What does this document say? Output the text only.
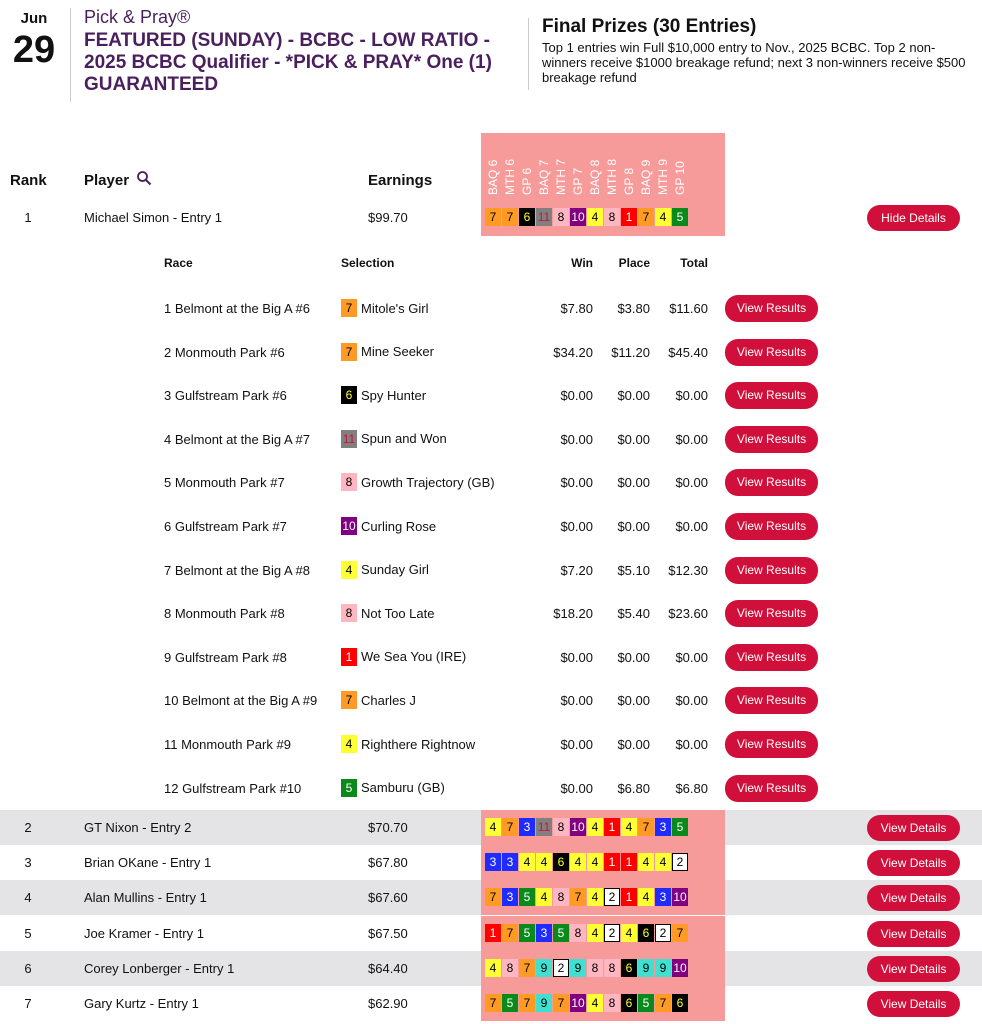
Jun
29
Pick & Pray®
FEATURED (SUNDAY) - BCBC - LOW RATIO - 2025 BCBC Qualifier - *PICK & PRAY* One (1) GUARANTEED
Final Prizes (30 Entries)
Top 1 entries win Full $10,000 entry to Nov., 2025 BCBC. Top 2 non-winners receive $1000 breakage refund; next 3 non-winners receive $500 breakage refund
BAQ 6 MTH 6 GP 6 BAQ 7 MTH 7 GP 7 BAQ 8 MTH 8 GP 8 BAQ 9 MTH 9 GP 10
Rank Player	Earnings
1	Michael Simon - Entry 1	$99.70	7 7 6 11 8 10 4 8 1 7 4 5	Hide Details
Race	Selection	Win	Place	Total
1 Belmont at the Big A #6	7 Mitole's Girl	$7.80	$3.80	$11.60	View Results
2 Monmouth Park #6	7 Mine Seeker	$34.20	$11.20	$45.40	View Results
3 Gulfstream Park #6	6 Spy Hunter	$0.00	$0.00	$0.00	View Results
4 Belmont at the Big A #7	11 Spun and Won	$0.00	$0.00	$0.00	View Results
5 Monmouth Park #7	8 Growth Trajectory (GB)	$0.00	$0.00	$0.00	View Results
6 Gulfstream Park #7	10 Curling Rose	$0.00	$0.00	$0.00	View Results
7 Belmont at the Big A #8	4 Sunday Girl	$7.20	$5.10	$12.30	View Results
8 Monmouth Park #8	8 Not Too Late	$18.20	$5.40	$23.60	View Results
9 Gulfstream Park #8	1 We Sea You (IRE)	$0.00	$0.00	$0.00	View Results
10 Belmont at the Big A #9	7 Charles J	$0.00	$0.00	$0.00	View Results
11 Monmouth Park #9	4 Righthere Rightnow	$0.00	$0.00	$0.00	View Results
12 Gulfstream Park #10	5 Samburu (GB)	$0.00	$6.80	$6.80	View Results
2	GT Nixon - Entry 2	$70.70	4 7 3 11 8 10 4 1 4 7 3 5	View Details
3	Brian OKane - Entry 1	$67.80	3 3 4 4 6 4 4 1 1 4 4 2	View Details
4	Alan Mullins - Entry 1	$67.60	7 3 5 4 8 7 4 2 1 4 3 10	View Details
5	Joe Kramer - Entry 1	$67.50	1 7 5 3 5 8 4 2 4 6 2 7	View Details
6	Corey Lonberger - Entry 1	$64.40	4 8 7 9 2 9 8 8 6 9 9 10	View Details
7	Gary Kurtz - Entry 1	$62.90	7 5 7 9 7 10 4 8 6 5 7 6	View Details
